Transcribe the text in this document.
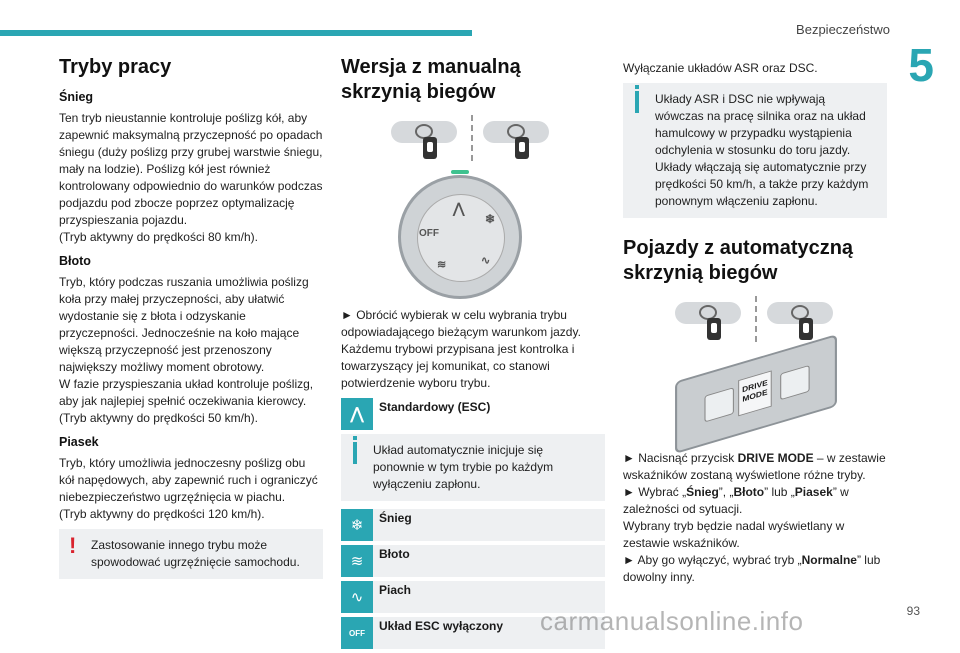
Bezpieczeństwo
5
Tryby pracy
Śnieg

Ten tryb nieustannie kontroluje poślizg kół, aby zapewnić maksymalną przyczepność po opadach śniegu (duży poślizg przy grubej warstwie śniegu, mały na lodzie). Poślizg kół jest również kontrolowany odpowiednio do warunków podczas podjazdu pod zbocze poprzez optymalizację przyspieszania pojazdu.
(Tryb aktywny do prędkości 80 km/h).

Błoto

Tryb, który podczas ruszania umożliwia poślizg koła przy małej przyczepności, aby ułatwić wydostanie się z błota i odzyskanie przyczepności. Jednocześnie na koło mające większą przyczepność jest przenoszony największy możliwy moment obrotowy.
W fazie przyspieszania układ kontroluje poślizg, aby jak najlepiej spełnić oczekiwania kierowcy.
(Tryb aktywny do prędkości 50 km/h).

Piasek

Tryb, który umożliwia jednoczesny poślizg obu kół napędowych, aby zapewnić ruch i ograniczyć niebezpieczeństwo ugrzęźnięcia w piachu.
(Tryb aktywny do prędkości 120 km/h).

! Zastosowanie innego trybu może spowodować ugrzęźnięcie samochodu.

Wersja z manualną skrzynią biegów
⋀
❄
OFF
≋	∿

► Obrócić wybierak w celu wybrania trybu odpowiadającego bieżącym warunkom jazdy.
Każdemu trybowi przypisana jest kontrolka i towarzyszący jej komunikat, co stanowi potwierdzenie wyboru trybu.

⋀	Standardowy (ESC)

Układ automatycznie inicjuje się ponownie w tym trybie po każdym wyłączeniu zapłonu.

❄	Śnieg
≋	Błoto
∿	Piach
OFF	Układ ESC wyłączony

Wyłączanie układów ASR oraz DSC.

Układy ASR i DSC nie wpływają wówczas na pracę silnika oraz na układ hamulcowy w przypadku wystąpienia odchylenia w stosunku do toru jazdy.
Układy włączają się automatycznie przy prędkości 50 km/h, a także przy każdym ponownym włączeniu zapłonu.

Pojazdy z automatyczną skrzynią biegów
DRIVE MODE

► Nacisnąć przycisk DRIVE MODE – w zestawie wskaźników zostaną wyświetlone różne tryby.
► Wybrać „Śnieg”, „Błoto” lub „Piasek” w zależności od sytuacji.
Wybrany tryb będzie nadal wyświetlany w zestawie wskaźników.
► Aby go wyłączyć, wybrać tryb „Normalne” lub dowolny inny.

carmanualsonline.info	93
